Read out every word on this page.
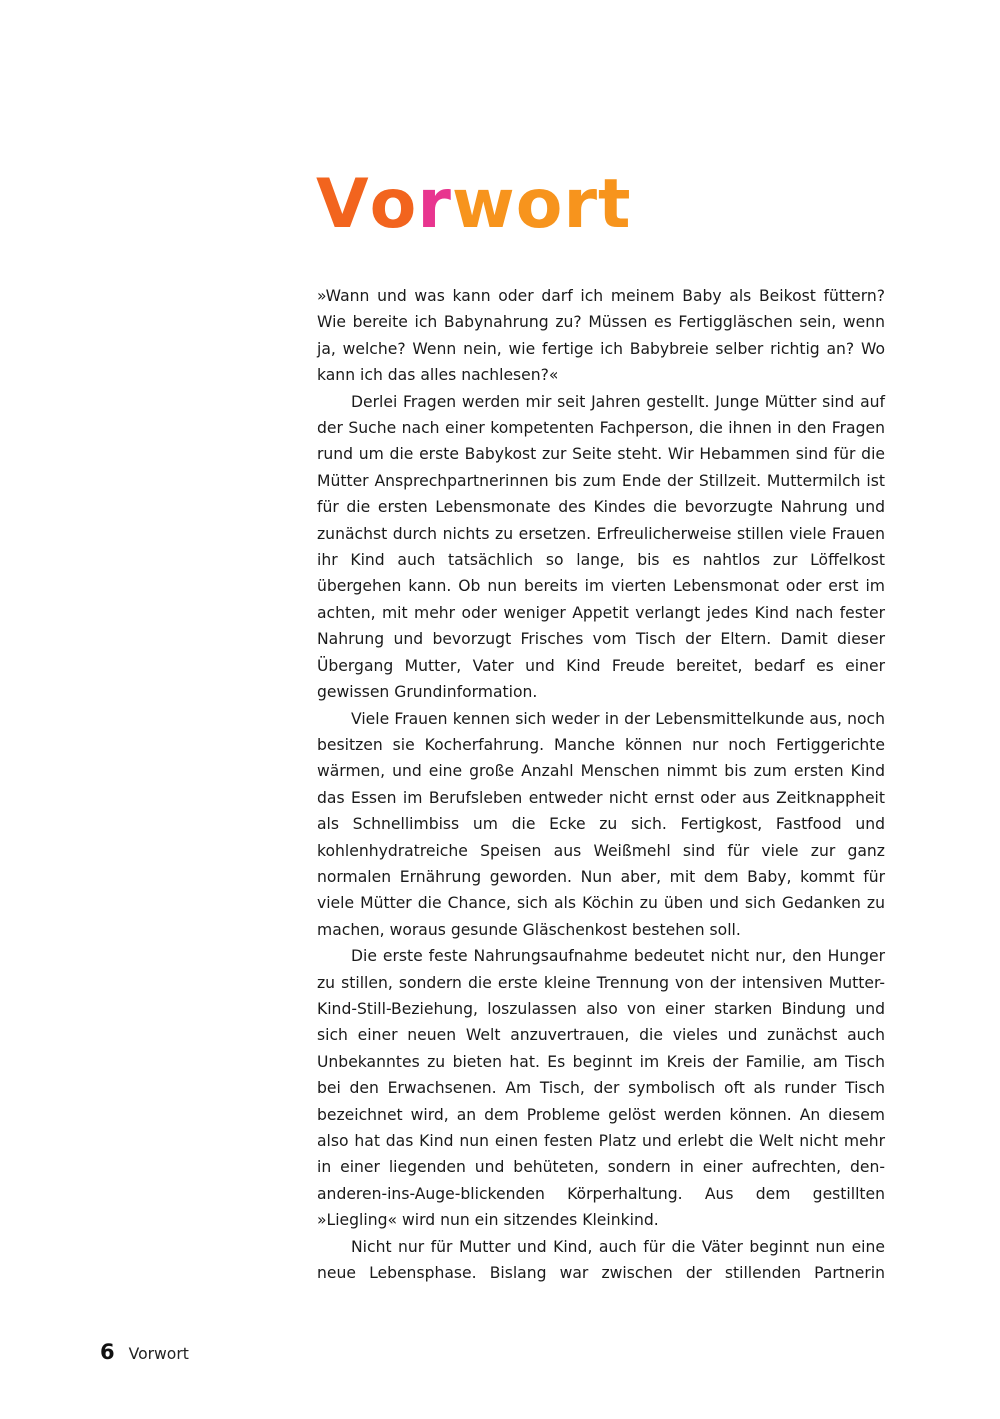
Vorwort

»Wann und was kann oder darf ich meinem Baby als Beikost füttern? Wie bereite ich Babynahrung zu? Müssen es Fertiggläschen sein, wenn ja, welche? Wenn nein, wie fertige ich Babybreie selber richtig an? Wo kann ich das alles nachlesen?«

Derlei Fragen werden mir seit Jahren gestellt. Junge Mütter sind auf der Suche nach einer kompetenten Fachperson, die ihnen in den Fragen rund um die erste Babykost zur Seite steht. Wir Hebammen sind für die Mütter Ansprechpartnerinnen bis zum Ende der Stillzeit. Muttermilch ist für die ersten Lebensmonate des Kindes die bevorzugte Nahrung und zunächst durch nichts zu ersetzen. Erfreulicherweise stillen viele Frauen ihr Kind auch tatsächlich so lange, bis es nahtlos zur Löffelkost übergehen kann. Ob nun bereits im vierten Lebensmonat oder erst im achten, mit mehr oder weniger Appetit verlangt jedes Kind nach fester Nahrung und bevorzugt Frisches vom Tisch der Eltern. Damit dieser Übergang Mutter, Vater und Kind Freude bereitet, bedarf es einer gewissen Grundinformation.

Viele Frauen kennen sich weder in der Lebensmittelkunde aus, noch besitzen sie Kocherfahrung. Manche können nur noch Fertiggerichte wärmen, und eine große Anzahl Menschen nimmt bis zum ersten Kind das Essen im Berufsleben entweder nicht ernst oder aus Zeitknappheit als Schnellimbiss um die Ecke zu sich. Fertigkost, Fastfood und kohlenhydratreiche Speisen aus Weißmehl sind für viele zur ganz normalen Ernährung geworden. Nun aber, mit dem Baby, kommt für viele Mütter die Chance, sich als Köchin zu üben und sich Gedanken zu machen, woraus gesunde Gläschenkost bestehen soll.

Die erste feste Nahrungsaufnahme bedeutet nicht nur, den Hunger zu stillen, sondern die erste kleine Trennung von der intensiven Mutter-Kind-Still-Beziehung, loszulassen also von einer starken Bindung und sich einer neuen Welt anzuvertrauen, die vieles und zunächst auch Unbekanntes zu bieten hat. Es beginnt im Kreis der Familie, am Tisch bei den Erwachsenen. Am Tisch, der symbolisch oft als runder Tisch bezeichnet wird, an dem Probleme gelöst werden können. An diesem also hat das Kind nun einen festen Platz und erlebt die Welt nicht mehr in einer liegenden und behüteten, sondern in einer aufrechten, den-anderen-ins-Auge-blickenden Körperhaltung. Aus dem gestillten »Liegling« wird nun ein sitzendes Kleinkind.

Nicht nur für Mutter und Kind, auch für die Väter beginnt nun eine neue Lebensphase. Bislang war zwischen der stillenden Partnerin

6 Vorwort
